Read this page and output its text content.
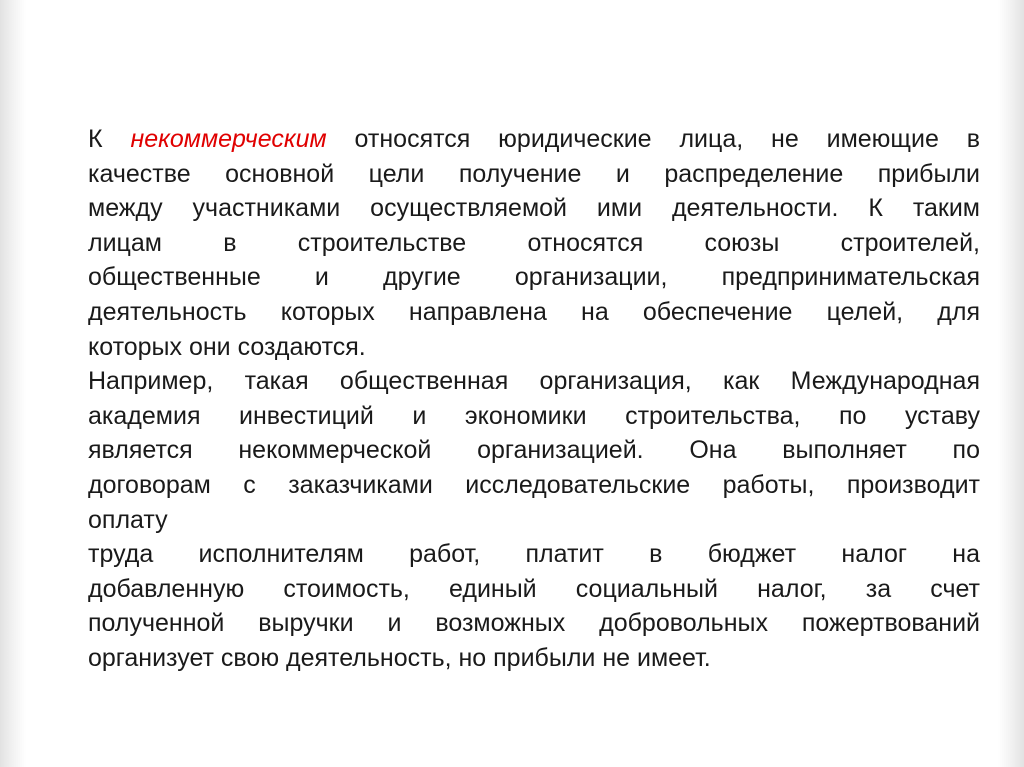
К некоммерческим относятся юридические лица, не имеющие в
качестве основной цели получение и распределение прибыли
между участниками осуществляемой ими деятельности. К таким
лицам в строительстве относятся союзы строителей,
общественные и другие организации, предпринимательская
деятельность которых направлена на обеспечение целей, для
которых они создаются.
Например, такая общественная организация, как Международная
академия инвестиций и экономики строительства, по уставу
является некоммерческой организацией. Она выполняет по
договорам с заказчиками исследовательские работы, производит
оплату
труда исполнителям работ, платит в бюджет налог на
добавленную стоимость, единый социальный налог, за счет
полученной выручки и возможных добровольных пожертвований
организует свою деятельность, но прибыли не имеет.
